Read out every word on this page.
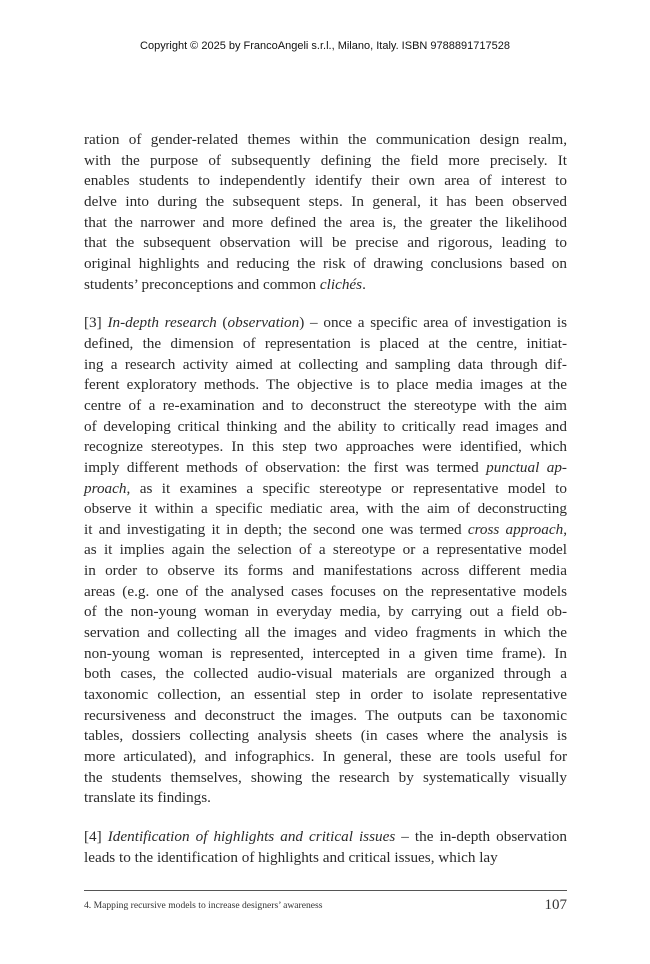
Copyright © 2025 by FrancoAngeli s.r.l., Milano, Italy. ISBN 9788891717528

ration of gender-related themes within the communication design realm,
with the purpose of subsequently defining the field more precisely. It
enables students to independently identify their own area of interest to
delve into during the subsequent steps. In general, it has been observed
that the narrower and more defined the area is, the greater the likelihood
that the subsequent observation will be precise and rigorous, leading to
original highlights and reducing the risk of drawing conclusions based on
students’ preconceptions and common clichés.

[3] In-depth research (observation) – once a specific area of investigation is
defined, the dimension of representation is placed at the centre, initiat-
ing a research activity aimed at collecting and sampling data through dif-
ferent exploratory methods. The objective is to place media images at the
centre of a re-examination and to deconstruct the stereotype with the aim
of developing critical thinking and the ability to critically read images and
recognize stereotypes. In this step two approaches were identified, which
imply different methods of observation: the first was termed punctual ap-
proach, as it examines a specific stereotype or representative model to
observe it within a specific mediatic area, with the aim of deconstructing
it and investigating it in depth; the second one was termed cross approach,
as it implies again the selection of a stereotype or a representative model
in order to observe its forms and manifestations across different media
areas (e.g. one of the analysed cases focuses on the representative models
of the non-young woman in everyday media, by carrying out a field ob-
servation and collecting all the images and video fragments in which the
non-young woman is represented, intercepted in a given time frame). In
both cases, the collected audio-visual materials are organized through a
taxonomic collection, an essential step in order to isolate representative
recursiveness and deconstruct the images. The outputs can be taxonomic
tables, dossiers collecting analysis sheets (in cases where the analysis is
more articulated), and infographics. In general, these are tools useful for
the students themselves, showing the research by systematically visually
translate its findings.

[4] Identification of highlights and critical issues – the in-depth observation
leads to the identification of highlights and critical issues, which lay

4. Mapping recursive models to increase designers’ awareness	107
